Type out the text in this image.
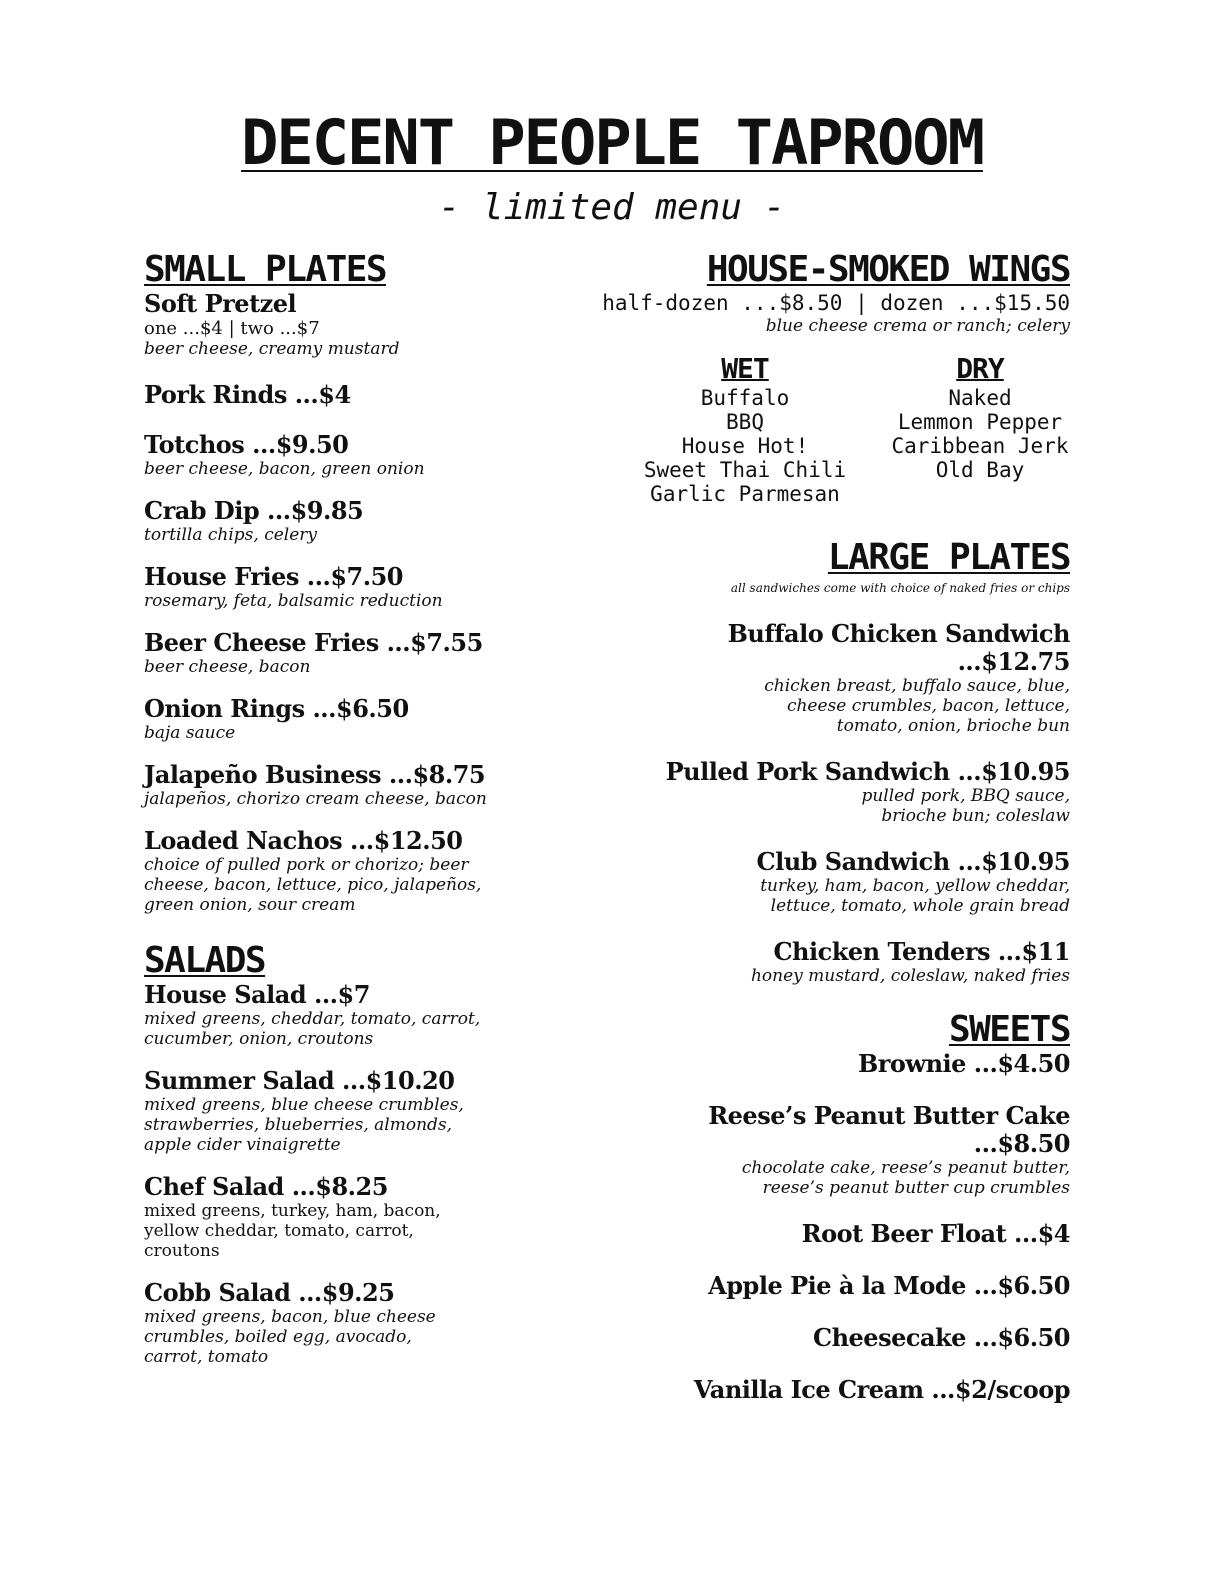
DECENT PEOPLE TAPROOM
- limited menu -
SMALL PLATES
Soft Pretzel
one ...$4 | two ...$7
beer cheese, creamy mustard
Pork Rinds ...$4
Totchos ...$9.50
beer cheese, bacon, green onion
Crab Dip ...$9.85
tortilla chips, celery
House Fries ...$7.50
rosemary, feta, balsamic reduction
Beer Cheese Fries ...$7.55
beer cheese, bacon
Onion Rings ...$6.50
baja sauce
Jalapeño Business ...$8.75
jalapeños, chorizo cream cheese, bacon
Loaded Nachos ...$12.50
choice of pulled pork or chorizo; beer
cheese, bacon, lettuce, pico, jalapeños,
green onion, sour cream
SALADS
House Salad ...$7
mixed greens, cheddar, tomato, carrot,
cucumber, onion, croutons
Summer Salad ...$10.20
mixed greens, blue cheese crumbles,
strawberries, blueberries, almonds,
apple cider vinaigrette
Chef Salad ...$8.25
mixed greens, turkey, ham, bacon,
yellow cheddar, tomato, carrot,
croutons
Cobb Salad ...$9.25
mixed greens, bacon, blue cheese
crumbles, boiled egg, avocado,
carrot, tomato
HOUSE-SMOKED WINGS
half-dozen ...$8.50 | dozen ...$15.50
blue cheese crema or ranch; celery
WET
Buffalo
BBQ
House Hot!
Sweet Thai Chili
Garlic Parmesan
DRY
Naked
Lemmon Pepper
Caribbean Jerk
Old Bay
LARGE PLATES
all sandwiches come with choice of naked fries or chips
Buffalo Chicken Sandwich
...$12.75
chicken breast, buffalo sauce, blue,
cheese crumbles, bacon, lettuce,
tomato, onion, brioche bun
Pulled Pork Sandwich ...$10.95
pulled pork, BBQ sauce,
brioche bun; coleslaw
Club Sandwich ...$10.95
turkey, ham, bacon, yellow cheddar,
lettuce, tomato, whole grain bread
Chicken Tenders ...$11
honey mustard, coleslaw, naked fries
SWEETS
Brownie ...$4.50
Reese’s Peanut Butter Cake
...$8.50
chocolate cake, reese’s peanut butter,
reese’s peanut butter cup crumbles
Root Beer Float ...$4
Apple Pie à la Mode ...$6.50
Cheesecake ...$6.50
Vanilla Ice Cream ...$2/scoop
